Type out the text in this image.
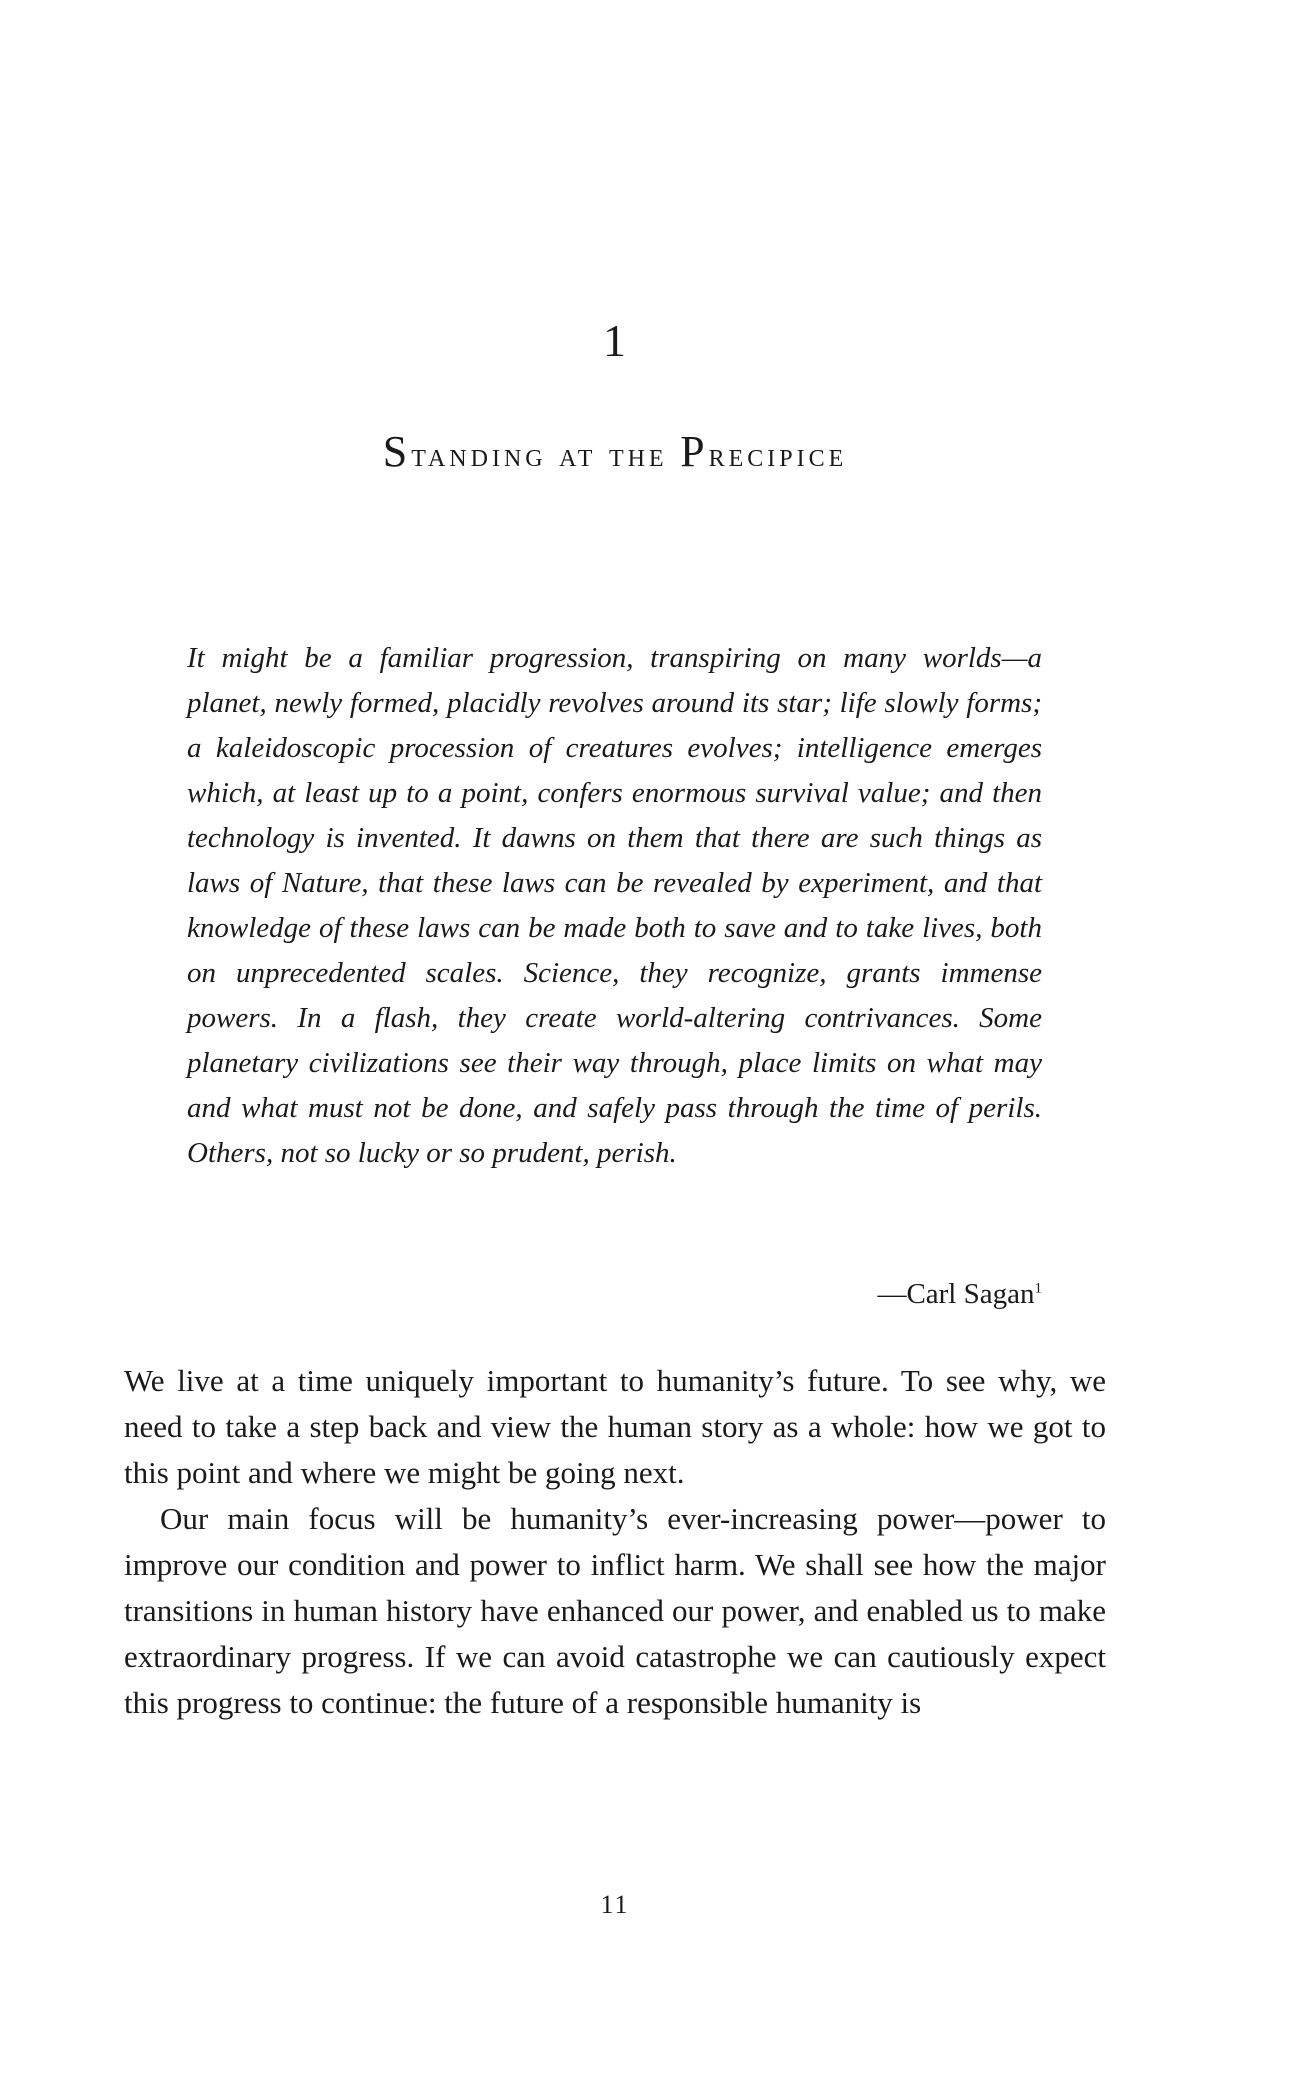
1
Standing at the Precipice

It might be a familiar progression, transpiring on many worlds—a planet, newly formed, placidly revolves around its star; life slowly forms; a kaleidoscopic procession of creatures evolves; intelligence emerges which, at least up to a point, confers enormous survival value; and then technology is invented. It dawns on them that there are such things as laws of Nature, that these laws can be revealed by experiment, and that knowledge of these laws can be made both to save and to take lives, both on unprecedented scales. Science, they recognize, grants immense powers. In a flash, they create world-altering contrivances. Some planetary civilizations see their way through, place limits on what may and what must not be done, and safely pass through the time of perils. Others, not so lucky or so prudent, perish.

—Carl Sagan$^1$

We live at a time uniquely important to humanity’s future. To see why, we need to take a step back and view the human story as a whole: how we got to this point and where we might be going next.

Our main focus will be humanity’s ever-increasing power—power to improve our condition and power to inflict harm. We shall see how the major transitions in human history have enhanced our power, and enabled us to make extraordinary progress. If we can avoid catastrophe we can cautiously expect this progress to continue: the future of a responsible humanity is

11
